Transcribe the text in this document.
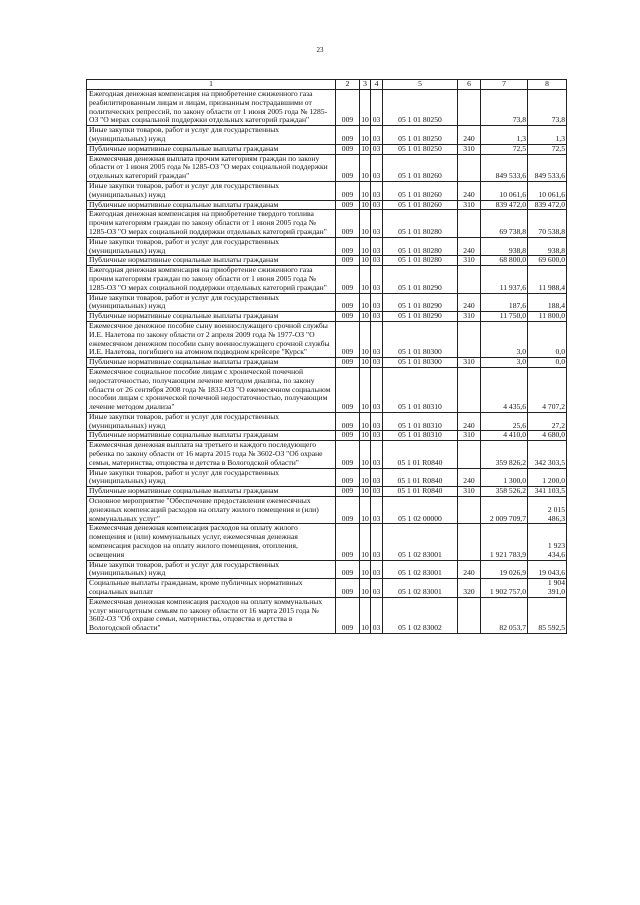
23
1	2	3	4	5	6	7	8
Ежегодная денежная компенсация на приобретение сжиженного газа реабилитированным лицам и лицам, признанным пострадавшими от политических репрессий, по закону области от 1 июня 2005 года № 1285-ОЗ "О мерах социальной поддержки отдельных категорий граждан"	009	10	03	05 1 01 80250		73,8	73,8
Иные закупки товаров, работ и услуг для государственных (муниципальных) нужд	009	10	03	05 1 01 80250	240	1,3	1,3
Публичные нормативные социальные выплаты гражданам	009	10	03	05 1 01 80250	310	72,5	72,5
Ежемесячная денежная выплата прочим категориям граждан по закону области от 1 июня 2005 года № 1285-ОЗ "О мерах социальной поддержки отдельных категорий граждан"	009	10	03	05 1 01 80260		849 533,6	849 533,6
Иные закупки товаров, работ и услуг для государственных (муниципальных) нужд	009	10	03	05 1 01 80260	240	10 061,6	10 061,6
Публичные нормативные социальные выплаты гражданам	009	10	03	05 1 01 80260	310	839 472,0	839 472,0
Ежегодная денежная компенсация на приобретение твердого топлива прочим категориям граждан по закону области от 1 июня 2005 года № 1285-ОЗ "О мерах социальной поддержки отдельных категорий граждан"	009	10	03	05 1 01 80280		69 738,8	70 538,8
Иные закупки товаров, работ и услуг для государственных (муниципальных) нужд	009	10	03	05 1 01 80280	240	938,8	938,8
Публичные нормативные социальные выплаты гражданам	009	10	03	05 1 01 80280	310	68 800,0	69 600,0
Ежегодная денежная компенсация на приобретение сжиженного газа прочим категориям граждан по закону области от 1 июня 2005 года № 1285-ОЗ "О мерах социальной поддержки отдельных категорий граждан"	009	10	03	05 1 01 80290		11 937,6	11 988,4
Иные закупки товаров, работ и услуг для государственных (муниципальных) нужд	009	10	03	05 1 01 80290	240	187,6	188,4
Публичные нормативные социальные выплаты гражданам	009	10	03	05 1 01 80290	310	11 750,0	11 800,0
Ежемесячное денежное пособие сыну военнослужащего срочной службы И.Е. Налетова по закону области от 2 апреля 2009 года № 1977-ОЗ "О ежемесячном денежном пособии сыну военнослужащего срочной службы И.Е. Налетова, погибшего на атомном подводном крейсере "Курск"	009	10	03	05 1 01 80300		3,0	0,0
Публичные нормативные социальные выплаты гражданам	009	10	03	05 1 01 80300	310	3,0	0,0
Ежемесячное социальное пособие лицам с хронической почечной недостаточностью, получающим лечение методом диализа, по закону области от 26 сентября 2008 года № 1833-ОЗ "О ежемесячном социальном пособии лицам с хронической почечной недостаточностью, получающим лечение методом диализа"	009	10	03	05 1 01 80310		4 435,6	4 707,2
Иные закупки товаров, работ и услуг для государственных (муниципальных) нужд	009	10	03	05 1 01 80310	240	25,6	27,2
Публичные нормативные социальные выплаты гражданам	009	10	03	05 1 01 80310	310	4 410,0	4 680,0
Ежемесячная денежная выплата на третьего и каждого последующего ребенка по закону области от 16 марта 2015 года № 3602-ОЗ "Об охране семьи, материнства, отцовства и детства в Вологодской области"	009	10	03	05 1 01 R0840		359 826,2	342 303,5
Иные закупки товаров, работ и услуг для государственных (муниципальных) нужд	009	10	03	05 1 01 R0840	240	1 300,0	1 200,0
Публичные нормативные социальные выплаты гражданам	009	10	03	05 1 01 R0840	310	358 526,2	341 103,5
Основное мероприятие "Обеспечение предоставления ежемесячных денежных компенсаций расходов на оплату жилого помещения и (или) коммунальных услуг"	009	10	03	05 1 02 00000		2 009 709,7	2 015 486,3
Ежемесячная денежная компенсация расходов на оплату жилого помещения и (или) коммунальных услуг, ежемесячная денежная компенсация расходов на оплату жилого помещения, отопления, освещения	009	10	03	05 1 02 83001		1 921 783,9	1 923 434,6
Иные закупки товаров, работ и услуг для государственных (муниципальных) нужд	009	10	03	05 1 02 83001	240	19 026,9	19 043,6
Социальные выплаты гражданам, кроме публичных нормативных социальных выплат	009	10	03	05 1 02 83001	320	1 902 757,0	1 904 391,0
Ежемесячная денежная компенсация расходов на оплату коммунальных услуг многодетным семьям по закону области от 16 марта 2015 года № 3602-ОЗ "Об охране семьи, материнства, отцовства и детства в Вологодской области"	009	10	03	05 1 02 83002		82 053,7	85 592,5
